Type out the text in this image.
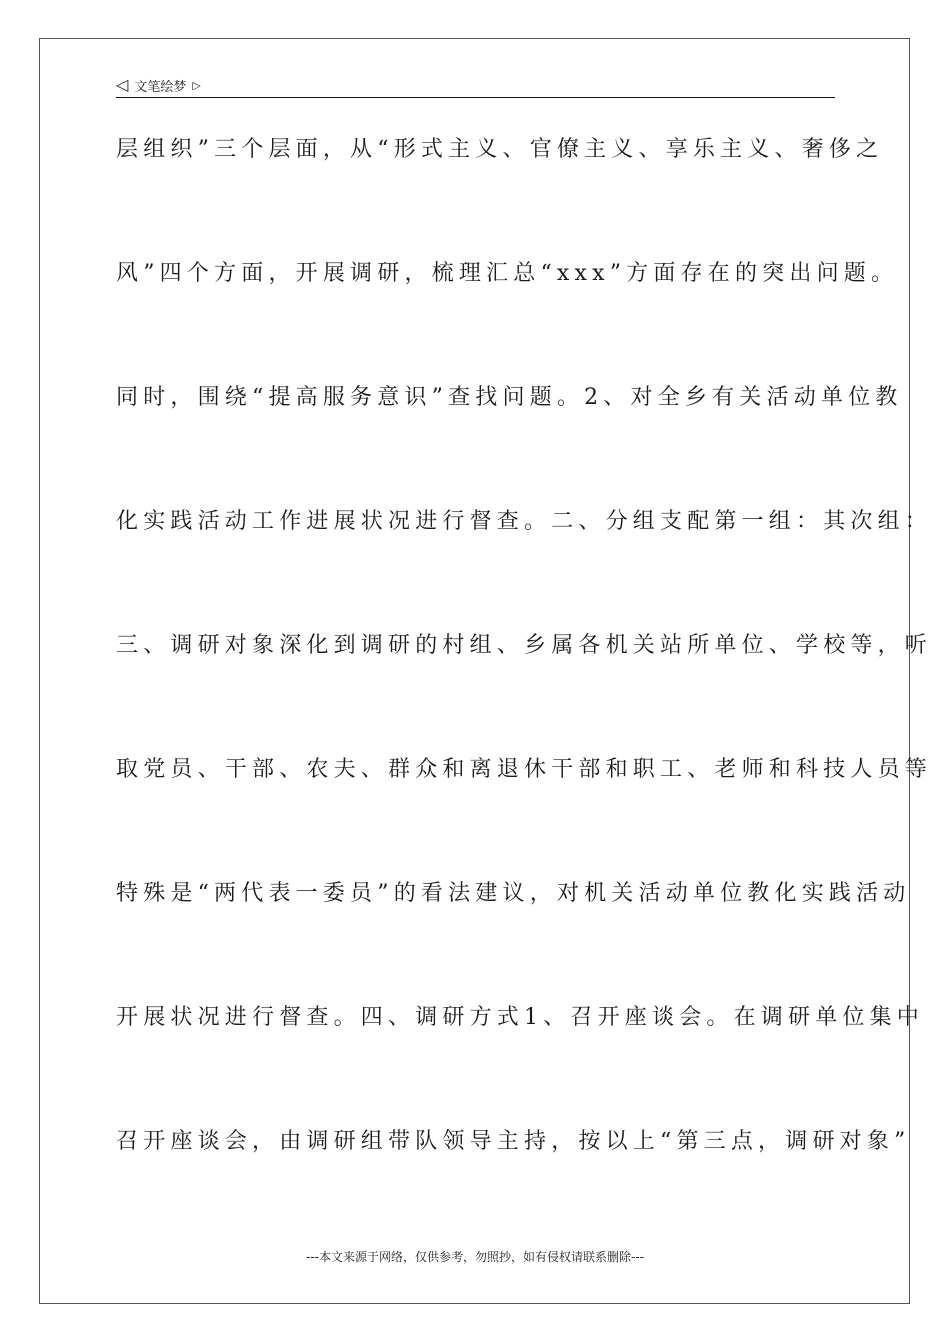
◁ 文笔绘梦 ▷
层组织”三个层面，从“形式主义、官僚主义、享乐主义、奢侈之
风”四个方面，开展调研，梳理汇总“xxx”方面存在的突出问题。
同时，围绕“提高服务意识”查找问题。2、对全乡有关活动单位教
化实践活动工作进展状况进行督查。二、分组支配第一组：其次组：
三、调研对象深化到调研的村组、乡属各机关站所单位、学校等，听
取党员、干部、农夫、群众和离退休干部和职工、老师和科技人员等
特殊是“两代表一委员”的看法建议，对机关活动单位教化实践活动
开展状况进行督查。四、调研方式1、召开座谈会。在调研单位集中
召开座谈会，由调研组带队领导主持，按以上“第三点，调研对象”
---本文来源于网络，仅供参考，勿照抄，如有侵权请联系删除---
